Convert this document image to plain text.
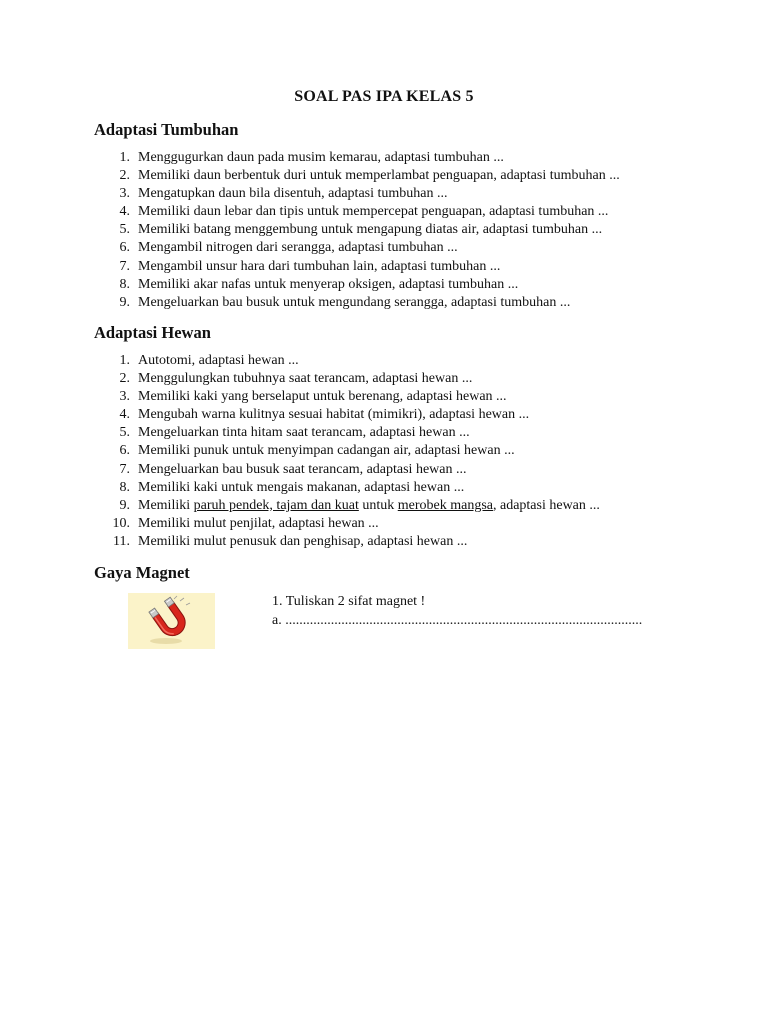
SOAL PAS IPA KELAS 5
Adaptasi Tumbuhan
1. Menggugurkan daun pada musim kemarau, adaptasi tumbuhan ...
2. Memiliki daun berbentuk duri untuk memperlambat penguapan, adaptasi tumbuhan ...
3. Mengatupkan daun bila disentuh, adaptasi tumbuhan ...
4. Memiliki daun lebar dan tipis untuk mempercepat penguapan, adaptasi tumbuhan ...
5. Memiliki batang menggembung untuk mengapung diatas air, adaptasi tumbuhan ...
6. Mengambil nitrogen dari serangga, adaptasi tumbuhan ...
7. Mengambil unsur hara dari tumbuhan lain, adaptasi tumbuhan ...
8. Memiliki akar nafas untuk menyerap oksigen, adaptasi tumbuhan ...
9. Mengeluarkan bau busuk untuk mengundang serangga, adaptasi tumbuhan ...
Adaptasi Hewan
1. Autotomi, adaptasi hewan ...
2. Menggulungkan tubuhnya saat terancam, adaptasi hewan ...
3. Memiliki kaki yang berselaput untuk berenang, adaptasi hewan ...
4. Mengubah warna kulitnya sesuai habitat (mimikri), adaptasi hewan ...
5. Mengeluarkan tinta hitam saat terancam, adaptasi hewan ...
6. Memiliki punuk untuk menyimpan cadangan air, adaptasi hewan ...
7. Mengeluarkan bau busuk saat terancam, adaptasi hewan ...
8. Memiliki kaki untuk mengais makanan, adaptasi hewan ...
9. Memiliki paruh pendek, tajam dan kuat untuk merobek mangsa, adaptasi hewan ...
10. Memiliki mulut penjilat, adaptasi hewan ...
11. Memiliki mulut penusuk dan penghisap, adaptasi hewan ...
Gaya Magnet
1. Tuliskan 2 sifat magnet !
a. ......................................................................................................
